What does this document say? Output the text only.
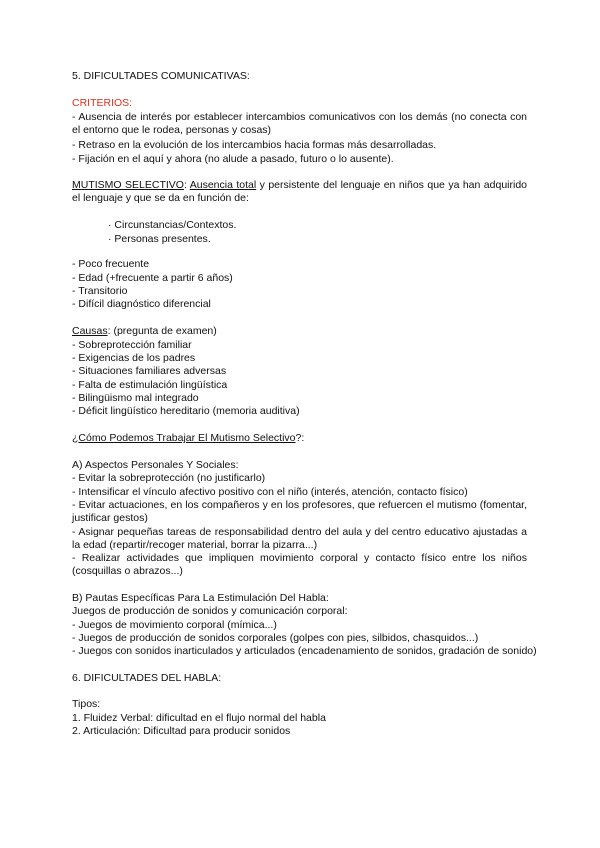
5. DIFICULTADES COMUNICATIVAS:
CRITERIOS:
- Ausencia de interés por establecer intercambios comunicativos con los demás (no conecta con el entorno que le rodea, personas y cosas)
- Retraso en la evolución de los intercambios hacia formas más desarrolladas.
- Fijación en el aquí y ahora (no alude a pasado, futuro o lo ausente).
MUTISMO SELECTIVO: Ausencia total y persistente del lenguaje en niños que ya han adquirido el lenguaje y que se da en función de:
· Circunstancias/Contextos.
· Personas presentes.
- Poco frecuente
- Edad (+frecuente a partir 6 años)
- Transitorio
- Difícil diagnóstico diferencial
Causas: (pregunta de examen)
- Sobreprotección familiar
- Exigencias de los padres
- Situaciones familiares adversas
- Falta de estimulación lingüística
- Bilingüismo mal integrado
- Déficit lingüístico hereditario (memoria auditiva)
¿Cómo Podemos Trabajar El Mutismo Selectivo?:
A) Aspectos Personales Y Sociales:
- Evitar la sobreprotección (no justificarlo)
- Intensificar el vínculo afectivo positivo con el niño (interés, atención, contacto físico)
- Evitar actuaciones, en los compañeros y en los profesores, que refuercen el mutismo (fomentar, justificar gestos)
- Asignar pequeñas tareas de responsabilidad dentro del aula y del centro educativo ajustadas a la edad (repartir/recoger material, borrar la pizarra...)
- Realizar actividades que impliquen movimiento corporal y contacto físico entre los niños (cosquillas o abrazos...)
B) Pautas Específicas Para La Estimulación Del Habla:
Juegos de producción de sonidos y comunicación corporal:
- Juegos de movimiento corporal (mímica...)
- Juegos de producción de sonidos corporales (golpes con pies, silbidos, chasquidos...)
- Juegos con sonidos inarticulados y articulados (encadenamiento de sonidos, gradación de sonido)
6. DIFICULTADES DEL HABLA:
Tipos:
1. Fluidez Verbal: dificultad en el flujo normal del habla
2. Articulación: Dificultad para producir sonidos
